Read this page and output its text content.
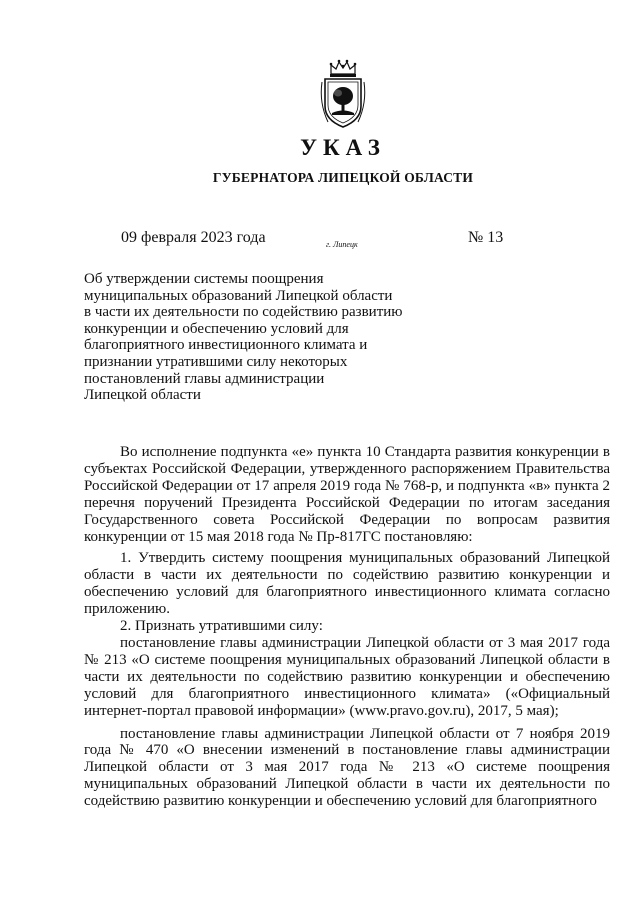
УКАЗ
ГУБЕРНАТОРА ЛИПЕЦКОЙ ОБЛАСТИ
09 февраля 2023 года	г. Липецк	№ 13
Об утверждении системы поощрения
муниципальных образований Липецкой области
в части их деятельности по содействию развитию
конкуренции и обеспечению условий для
благоприятного инвестиционного климата и
признании утратившими силу некоторых
постановлений главы администрации
Липецкой области

Во исполнение подпункта «е» пункта 10 Стандарта развития конкуренции в субъектах Российской Федерации, утвержденного распоряжением Правительства Российской Федерации от 17 апреля 2019 года № 768-р, и подпункта «в» пункта 2 перечня поручений Президента Российской Федерации по итогам заседания Государственного совета Российской Федерации по вопросам развития конкуренции от 15 мая 2018 года № Пр-817ГС постановляю:

1. Утвердить систему поощрения муниципальных образований Липецкой области в части их деятельности по содействию развитию конкуренции и обеспечению условий для благоприятного инвестиционного климата согласно приложению.

2. Признать утратившими силу:

постановление главы администрации Липецкой области от 3 мая 2017 года № 213 «О системе поощрения муниципальных образований Липецкой области в части их деятельности по содействию развитию конкуренции и обеспечению условий для благоприятного инвестиционного климата» («Официальный интернет-портал правовой информации» (www.pravo.gov.ru), 2017, 5 мая);

постановление главы администрации Липецкой области от 7 ноября 2019 года № 470 «О внесении изменений в постановление главы администрации Липецкой области от 3 мая 2017 года № 213 «О системе поощрения муниципальных образований Липецкой области в части их деятельности по содействию развитию конкуренции и обеспечению условий для благоприятного
